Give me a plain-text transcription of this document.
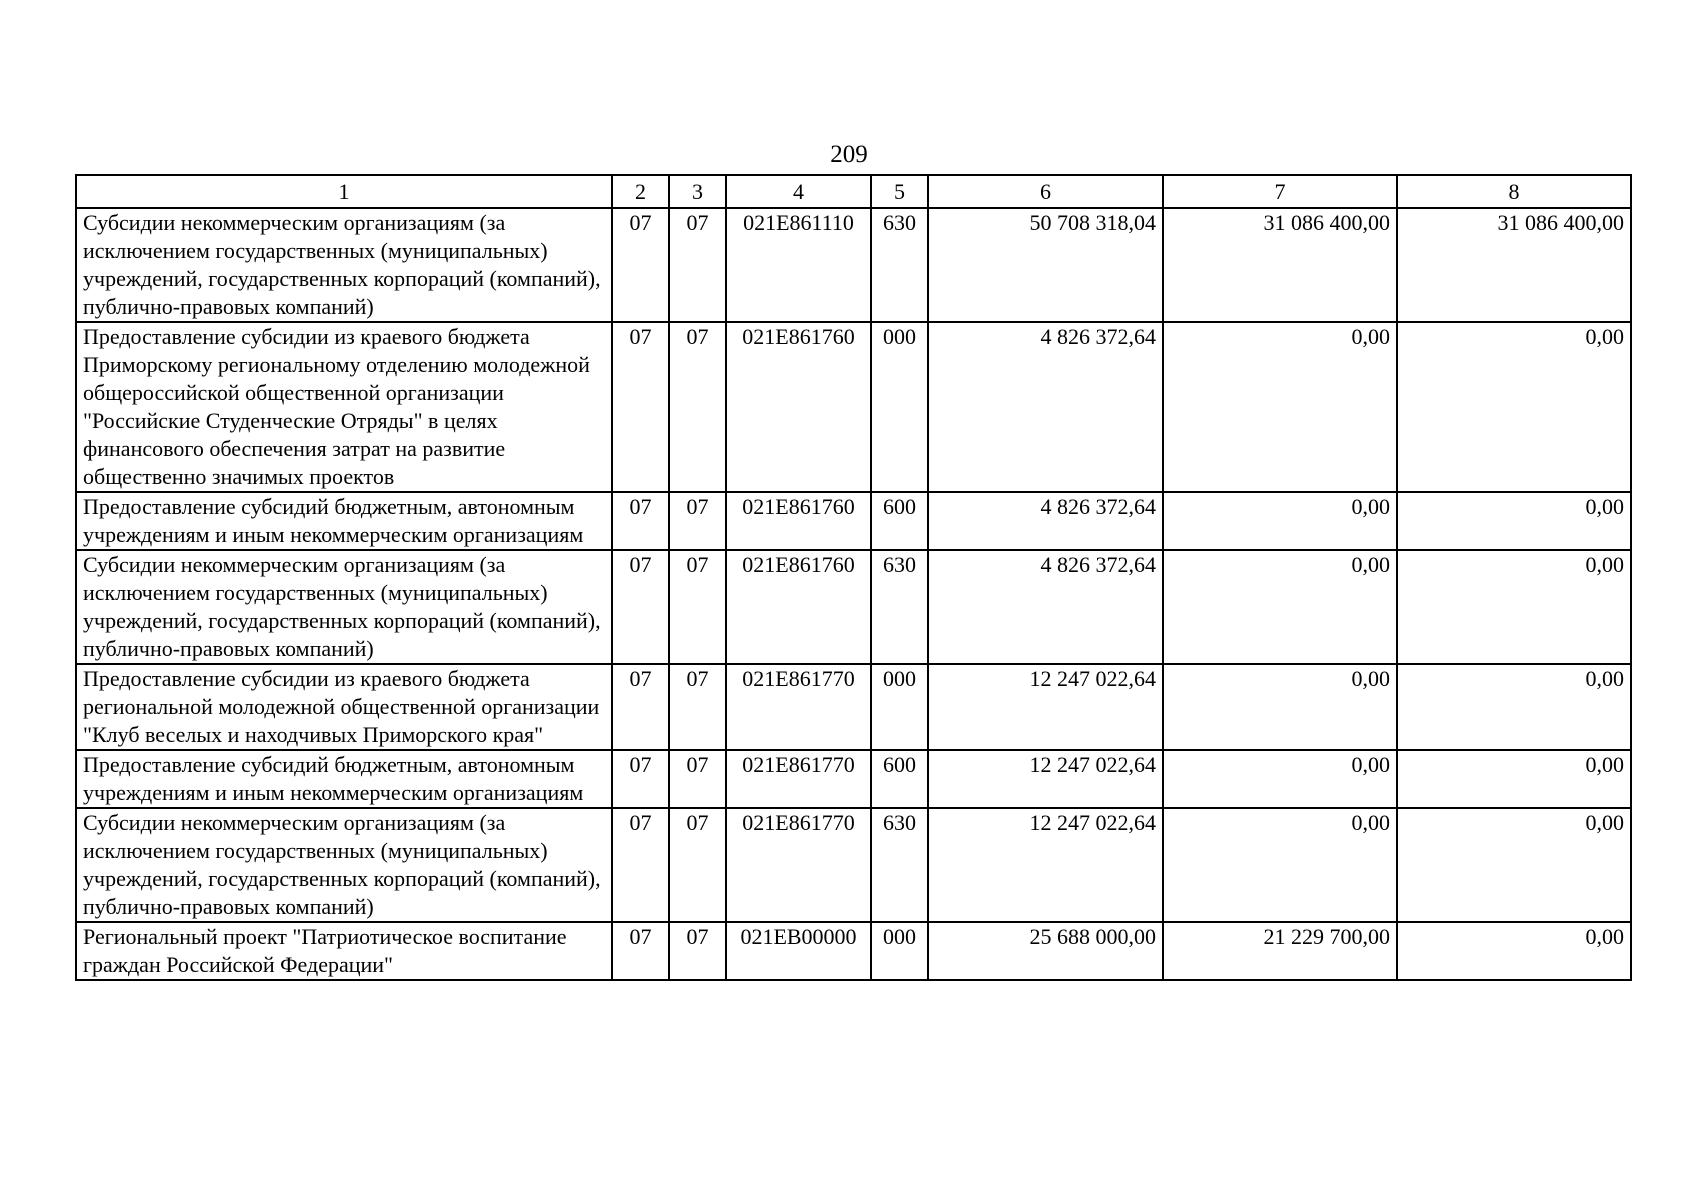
209
1	2	3	4	5	6	7	8
Субсидии некоммерческим организациям (за исключением государственных (муниципальных) учреждений, государственных корпораций (компаний), публично-правовых компаний)	07	07	021E861110	630	50 708 318,04	31 086 400,00	31 086 400,00
Предоставление субсидии из краевого бюджета Приморскому региональному отделению молодежной общероссийской общественной организации "Российские Студенческие Отряды" в целях финансового обеспечения затрат на развитие общественно значимых проектов	07	07	021E861760	000	4 826 372,64	0,00	0,00
Предоставление субсидий бюджетным, автономным учреждениям и иным некоммерческим организациям	07	07	021E861760	600	4 826 372,64	0,00	0,00
Субсидии некоммерческим организациям (за исключением государственных (муниципальных) учреждений, государственных корпораций (компаний), публично-правовых компаний)	07	07	021E861760	630	4 826 372,64	0,00	0,00
Предоставление субсидии из краевого бюджета региональной молодежной общественной организации "Клуб веселых и находчивых Приморского края"	07	07	021E861770	000	12 247 022,64	0,00	0,00
Предоставление субсидий бюджетным, автономным учреждениям и иным некоммерческим организациям	07	07	021E861770	600	12 247 022,64	0,00	0,00
Субсидии некоммерческим организациям (за исключением государственных (муниципальных) учреждений, государственных корпораций (компаний), публично-правовых компаний)	07	07	021E861770	630	12 247 022,64	0,00	0,00
Региональный проект "Патриотическое воспитание граждан Российской Федерации"	07	07	021EB00000	000	25 688 000,00	21 229 700,00	0,00
